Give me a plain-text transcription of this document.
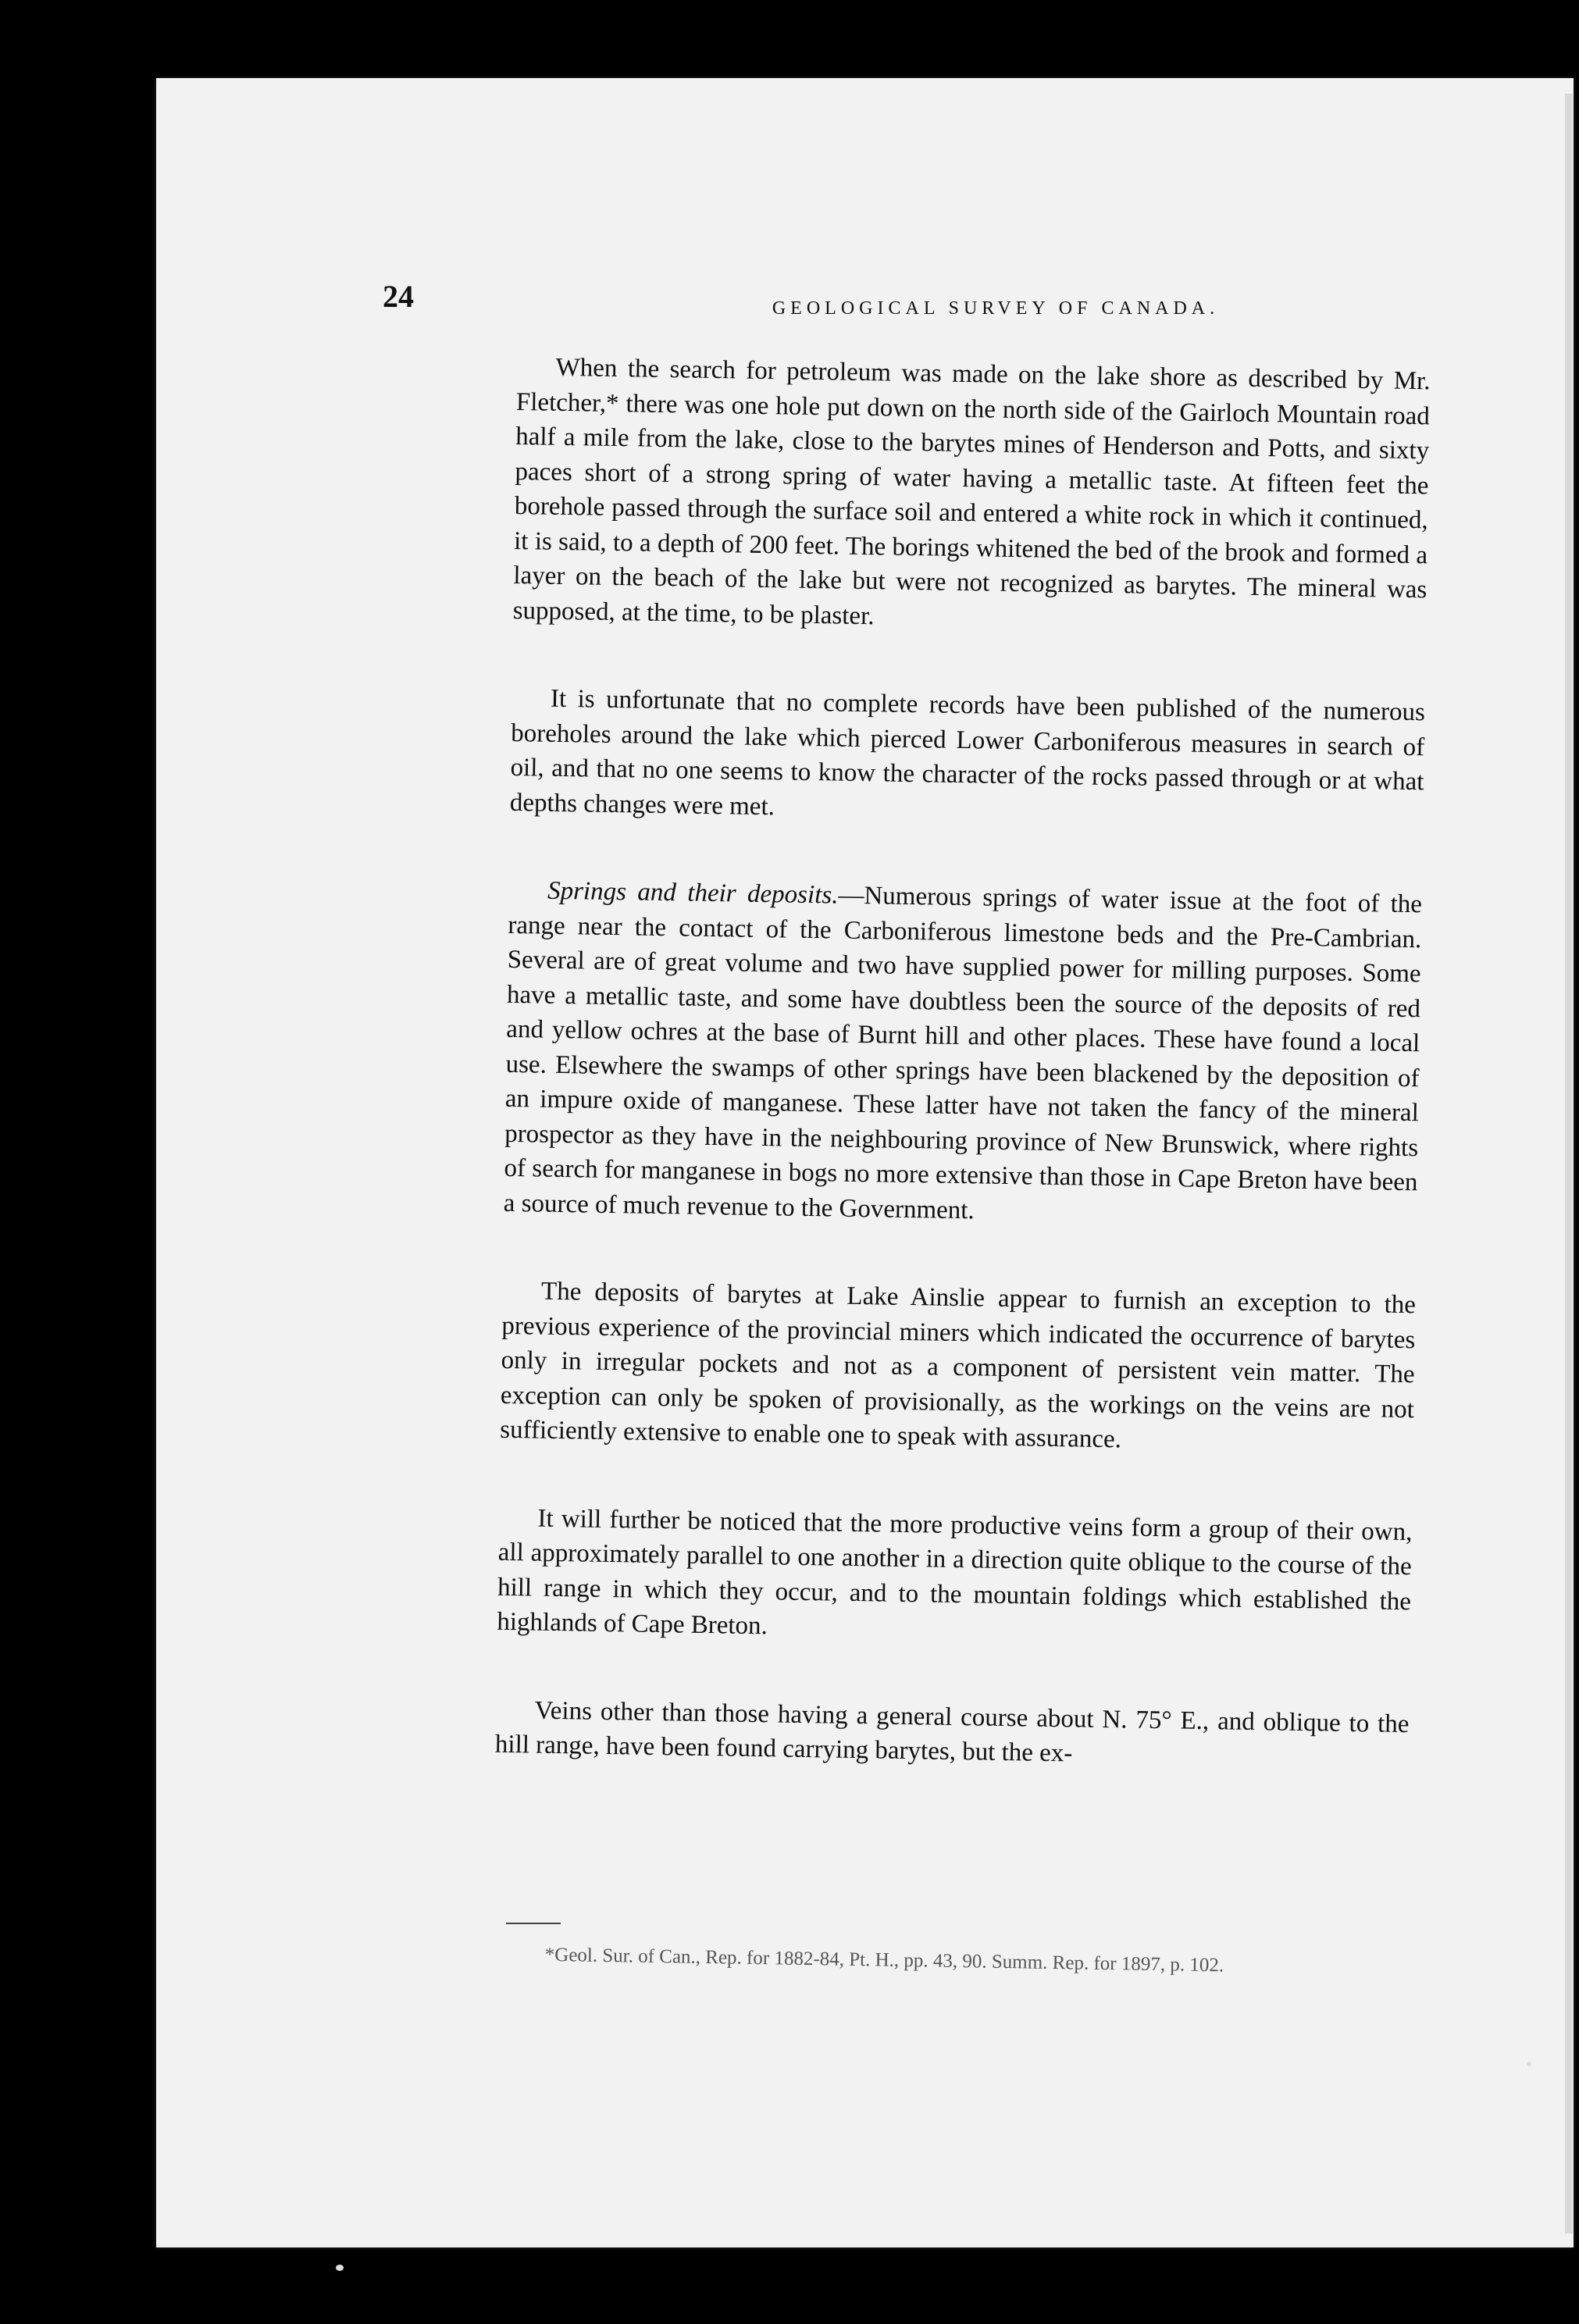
24	GEOLOGICAL SURVEY OF CANADA.

When the search for petroleum was made on the lake shore as described by Mr. Fletcher,* there was one hole put down on the north side of the Gairloch Mountain road half a mile from the lake, close to the barytes mines of Henderson and Potts, and sixty paces short of a strong spring of water having a metallic taste. At fifteen feet the borehole passed through the surface soil and entered a white rock in which it continued, it is said, to a depth of 200 feet. The borings whitened the bed of the brook and formed a layer on the beach of the lake but were not recognized as barytes. The mineral was supposed, at the time, to be plaster.

It is unfortunate that no complete records have been published of the numerous boreholes around the lake which pierced Lower Carboniferous measures in search of oil, and that no one seems to know the character of the rocks passed through or at what depths changes were met.

Springs and their deposits.—Numerous springs of water issue at the foot of the range near the contact of the Carboniferous limestone beds and the Pre-Cambrian. Several are of great volume and two have supplied power for milling purposes. Some have a metallic taste, and some have doubtless been the source of the deposits of red and yellow ochres at the base of Burnt hill and other places. These have found a local use. Elsewhere the swamps of other springs have been blackened by the deposition of an impure oxide of manganese. These latter have not taken the fancy of the mineral prospector as they have in the neighbouring province of New Brunswick, where rights of search for manganese in bogs no more extensive than those in Cape Breton have been a source of much revenue to the Government.

The deposits of barytes at Lake Ainslie appear to furnish an exception to the previous experience of the provincial miners which indicated the occurrence of barytes only in irregular pockets and not as a component of persistent vein matter. The exception can only be spoken of provisionally, as the workings on the veins are not sufficiently extensive to enable one to speak with assurance.

It will further be noticed that the more productive veins form a group of their own, all approximately parallel to one another in a direction quite oblique to the course of the hill range in which they occur, and to the mountain foldings which established the highlands of Cape Breton.

Veins other than those having a general course about N. 75° E., and oblique to the hill range, have been found carrying barytes, but the ex-

*Geol. Sur. of Can., Rep. for 1882-84, Pt. H., pp. 43, 90. Summ. Rep. for 1897, p. 102.
